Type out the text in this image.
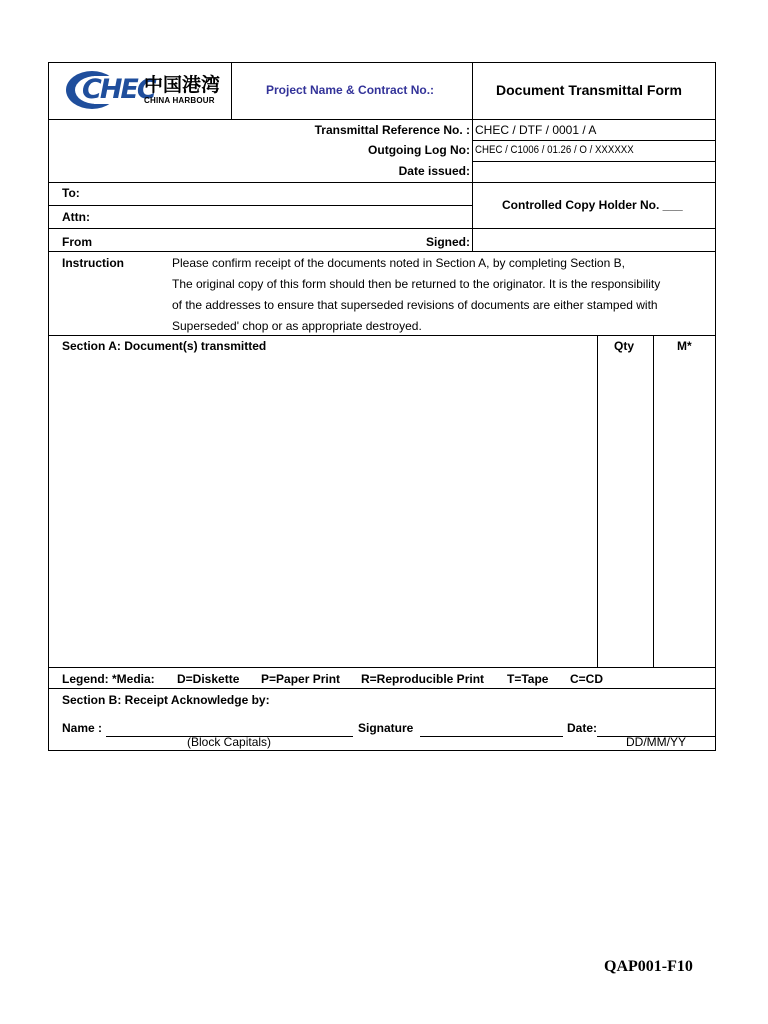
CHEC
中国港湾
CHINA HARBOUR
Project Name & Contract No.:	Document Transmittal Form
Transmittal Reference No. : CHEC / DTF / 0001 / A
Outgoing Log No: CHEC / C1006 / 01.26 / O / XXXXXX
Date issued:
To:
Attn:
Controlled Copy Holder No. ___
From	Signed:
Instruction	Please confirm receipt of the documents noted in Section A, by completing Section B,
The original copy of this form should then be returned to the originator. It is the responsibility
of the addresses to ensure that superseded revisions of documents are either stamped with
Superseded' chop or as appropriate destroyed.
Section A: Document(s) transmitted	Qty	M*
Legend: *Media: D=Diskette P=Paper Print R=Reproducible Print T=Tape C=CD
Section B: Receipt Acknowledge by:
Name :
(Block Capitals)
Signature	Date:
DD/MM/YY
QAP001-F10
